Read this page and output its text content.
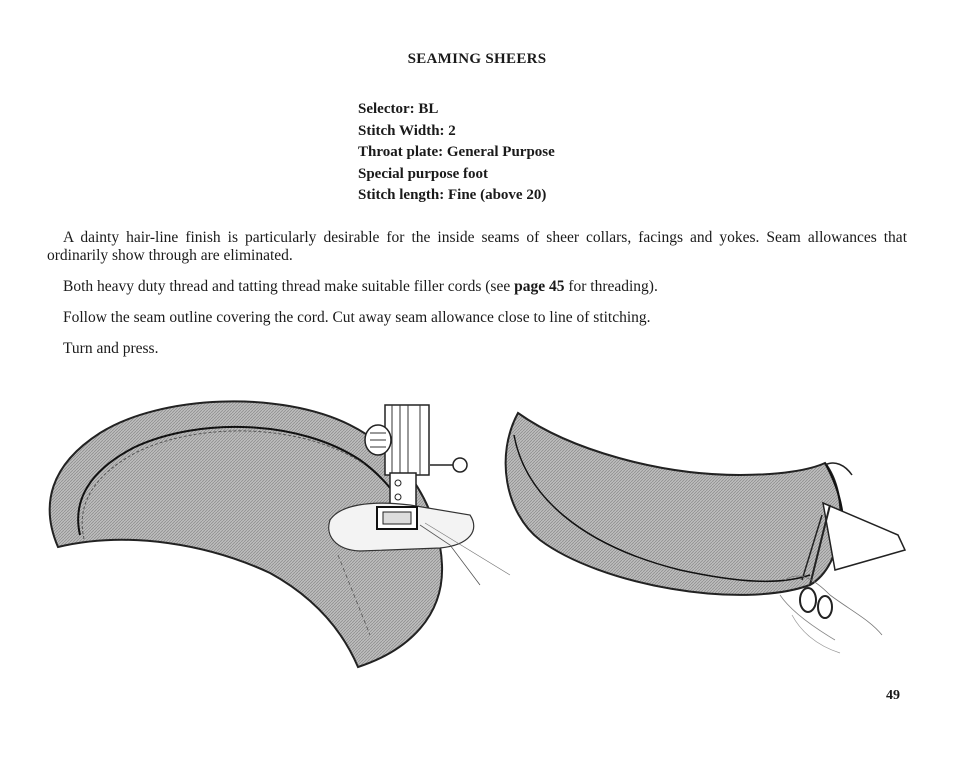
SEAMING SHEERS
Selector: BL
Stitch Width: 2
Throat plate: General Purpose
Special purpose foot
Stitch length: Fine (above 20)

A dainty hair-line finish is particularly desirable for the inside seams of sheer collars, facings and yokes. Seam allowances that ordinarily show through are eliminated.

Both heavy duty thread and tatting thread make suitable filler cords (see page 45 for threading).

Follow the seam outline covering the cord. Cut away seam allowance close to line of stitching.

Turn and press.

49
